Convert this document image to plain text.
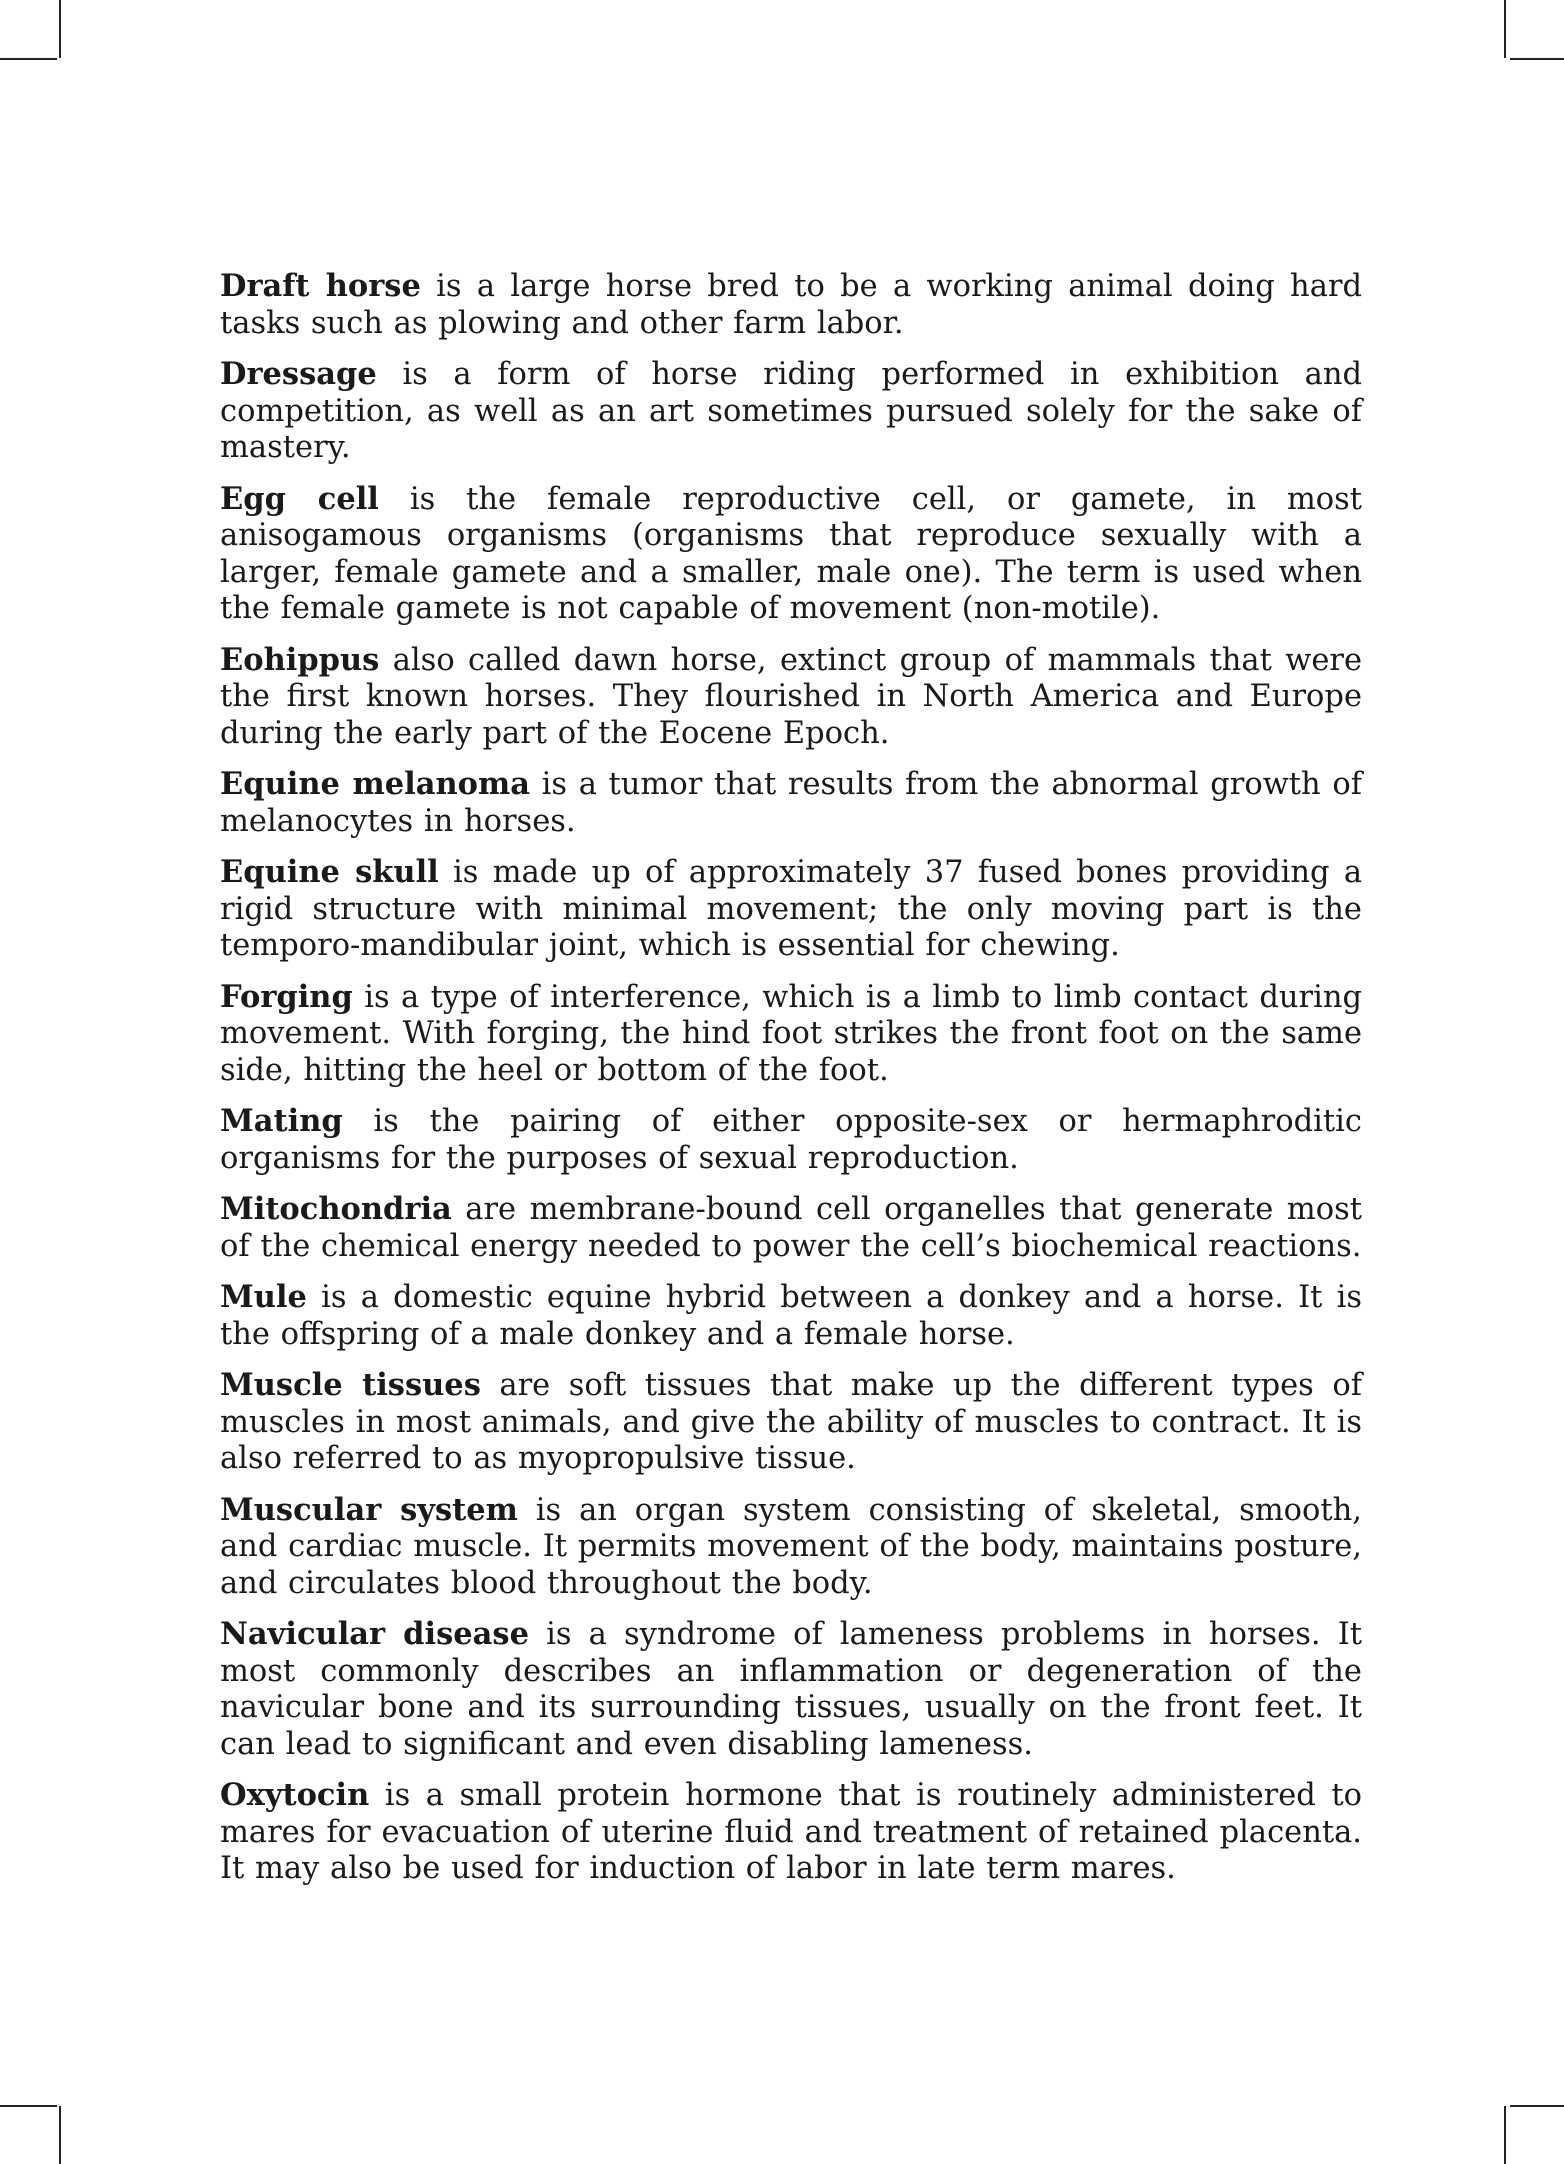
Draft horse is a large horse bred to be a working animal doing hard tasks such as plowing and other farm labor.

Dressage is a form of horse riding performed in exhibition and competition, as well as an art sometimes pursued solely for the sake of mastery.

Egg cell is the female reproductive cell, or gamete, in most anisogamous organisms (organisms that reproduce sexually with a larger, female gamete and a smaller, male one). The term is used when the female gamete is not capable of movement (non-motile).

Eohippus also called dawn horse, extinct group of mammals that were the first known horses. They flourished in North America and Europe during the early part of the Eocene Epoch.

Equine melanoma is a tumor that results from the abnormal growth of melanocytes in horses.

Equine skull is made up of approximately 37 fused bones providing a rigid structure with minimal movement; the only moving part is the temporo-mandibular joint, which is essential for chewing.

Forging is a type of interference, which is a limb to limb contact during movement. With forging, the hind foot strikes the front foot on the same side, hitting the heel or bottom of the foot.

Mating is the pairing of either opposite-sex or hermaphroditic organisms for the purposes of sexual reproduction.

Mitochondria are membrane-bound cell organelles that generate most of the chemical energy needed to power the cell’s biochemical reactions.

Mule is a domestic equine hybrid between a donkey and a horse. It is the offspring of a male donkey and a female horse.

Muscle tissues are soft tissues that make up the different types of muscles in most animals, and give the ability of muscles to contract. It is also referred to as myopropulsive tissue.

Muscular system is an organ system consisting of skeletal, smooth, and cardiac muscle. It permits movement of the body, maintains posture, and circulates blood throughout the body.

Navicular disease is a syndrome of lameness problems in horses. It most commonly describes an inflammation or degeneration of the navicular bone and its surrounding tissues, usually on the front feet. It can lead to significant and even disabling lameness.

Oxytocin is a small protein hormone that is routinely administered to mares for evacuation of uterine fluid and treatment of retained placenta. It may also be used for induction of labor in late term mares.
